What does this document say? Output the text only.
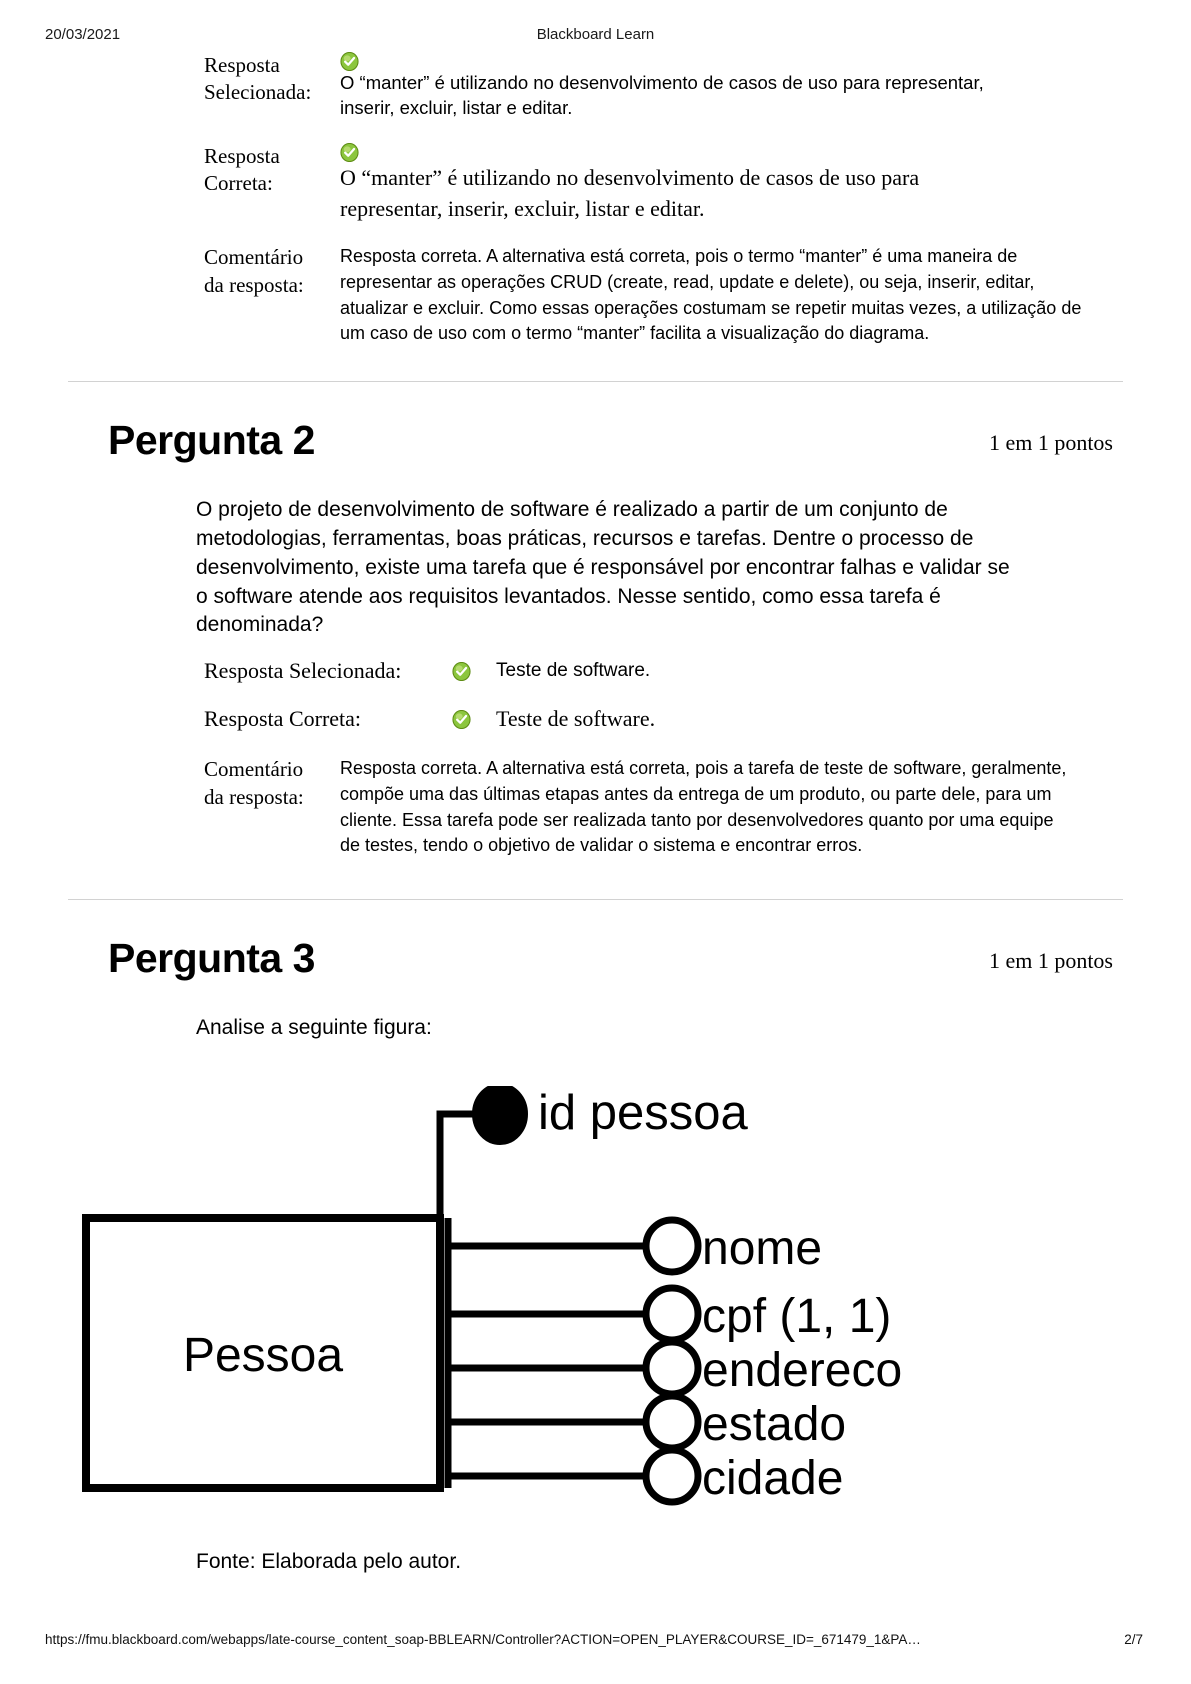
20/03/2021	Blackboard Learn
Resposta
Selecionada:	O “manter” é utilizando no desenvolvimento de casos de uso para representar, inserir, excluir, listar e editar.
Resposta
Correta:	O “manter” é utilizando no desenvolvimento de casos de uso para representar, inserir, excluir, listar e editar.
Comentário
da resposta:
Resposta correta. A alternativa está correta, pois o termo “manter” é uma maneira de representar as operações CRUD (create, read, update e delete), ou seja, inserir, editar, atualizar e excluir. Como essas operações costumam se repetir muitas vezes, a utilização de um caso de uso com o termo “manter” facilita a visualização do diagrama.
Pergunta 2	1 em 1 pontos
O projeto de desenvolvimento de software é realizado a partir de um conjunto de metodologias, ferramentas, boas práticas, recursos e tarefas. Dentre o processo de desenvolvimento, existe uma tarefa que é responsável por encontrar falhas e validar se o software atende aos requisitos levantados. Nesse sentido, como essa tarefa é denominada?
Resposta Selecionada:	Teste de software.
Resposta Correta:	Teste de software.
Comentário
da resposta:
Resposta correta. A alternativa está correta, pois a tarefa de teste de software, geralmente, compõe uma das últimas etapas antes da entrega de um produto, ou parte dele, para um cliente. Essa tarefa pode ser realizada tanto por desenvolvedores quanto por uma equipe de testes, tendo o objetivo de validar o sistema e encontrar erros.
Pergunta 3	1 em 1 pontos
Analise a seguinte figura:
id pessoa
Pessoa
nome
cpf (1, 1)
endereco
estado
cidade
Fonte: Elaborada pelo autor.
https://fmu.blackboard.com/webapps/late-course_content_soap-BBLEARN/Controller?ACTION=OPEN_PLAYER&COURSE_ID=_671479_1&PA…	2/7
